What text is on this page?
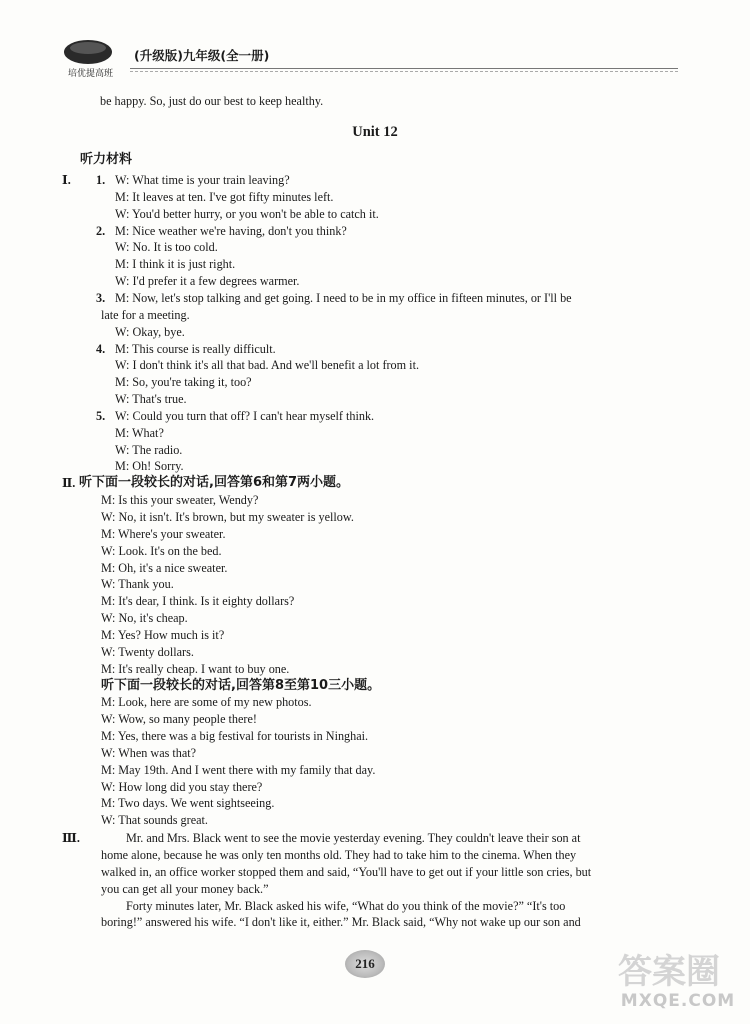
培优提高班
(升级版)九年级(全一册)
be happy. So, just do our best to keep healthy.
Unit 12
听力材料
Ⅰ. 1. W: What time is your train leaving?
M: It leaves at ten. I've got fifty minutes left.
W: You'd better hurry, or you won't be able to catch it.
2. M: Nice weather we're having, don't you think?
W: No. It is too cold.
M: I think it is just right.
W: I'd prefer it a few degrees warmer.
3. M: Now, let's stop talking and get going. I need to be in my office in fifteen minutes, or I'll be
late for a meeting.
W: Okay, bye.
4. M: This course is really difficult.
W: I don't think it's all that bad. And we'll benefit a lot from it.
M: So, you're taking it, too?
W: That's true.
5. W: Could you turn that off? I can't hear myself think.
M: What?
W: The radio.
M: Oh! Sorry.
Ⅱ. 听下面一段较长的对话,回答第6和第7两小题。
M: Is this your sweater, Wendy?
W: No, it isn't. It's brown, but my sweater is yellow.
M: Where's your sweater.
W: Look. It's on the bed.
M: Oh, it's a nice sweater.
W: Thank you.
M: It's dear, I think. Is it eighty dollars?
W: No, it's cheap.
M: Yes? How much is it?
W: Twenty dollars.
M: It's really cheap. I want to buy one.
听下面一段较长的对话,回答第8至第10三小题。
M: Look, here are some of my new photos.
W: Wow, so many people there!
M: Yes, there was a big festival for tourists in Ninghai.
W: When was that?
M: May 19th. And I went there with my family that day.
W: How long did you stay there?
M: Two days. We went sightseeing.
W: That sounds great.
Ⅲ.	Mr. and Mrs. Black went to see the movie yesterday evening. They couldn't leave their son at
home alone, because he was only ten months old. They had to take him to the cinema. When they
walked in, an office worker stopped them and said, “You'll have to get out if your little son cries, but
you can get all your money back.”
Forty minutes later, Mr. Black asked his wife, “What do you think of the movie?” “It's too
boring!” answered his wife. “I don't like it, either.” Mr. Black said, “Why not wake up our son and
216	答案圈
MXQE.COM
